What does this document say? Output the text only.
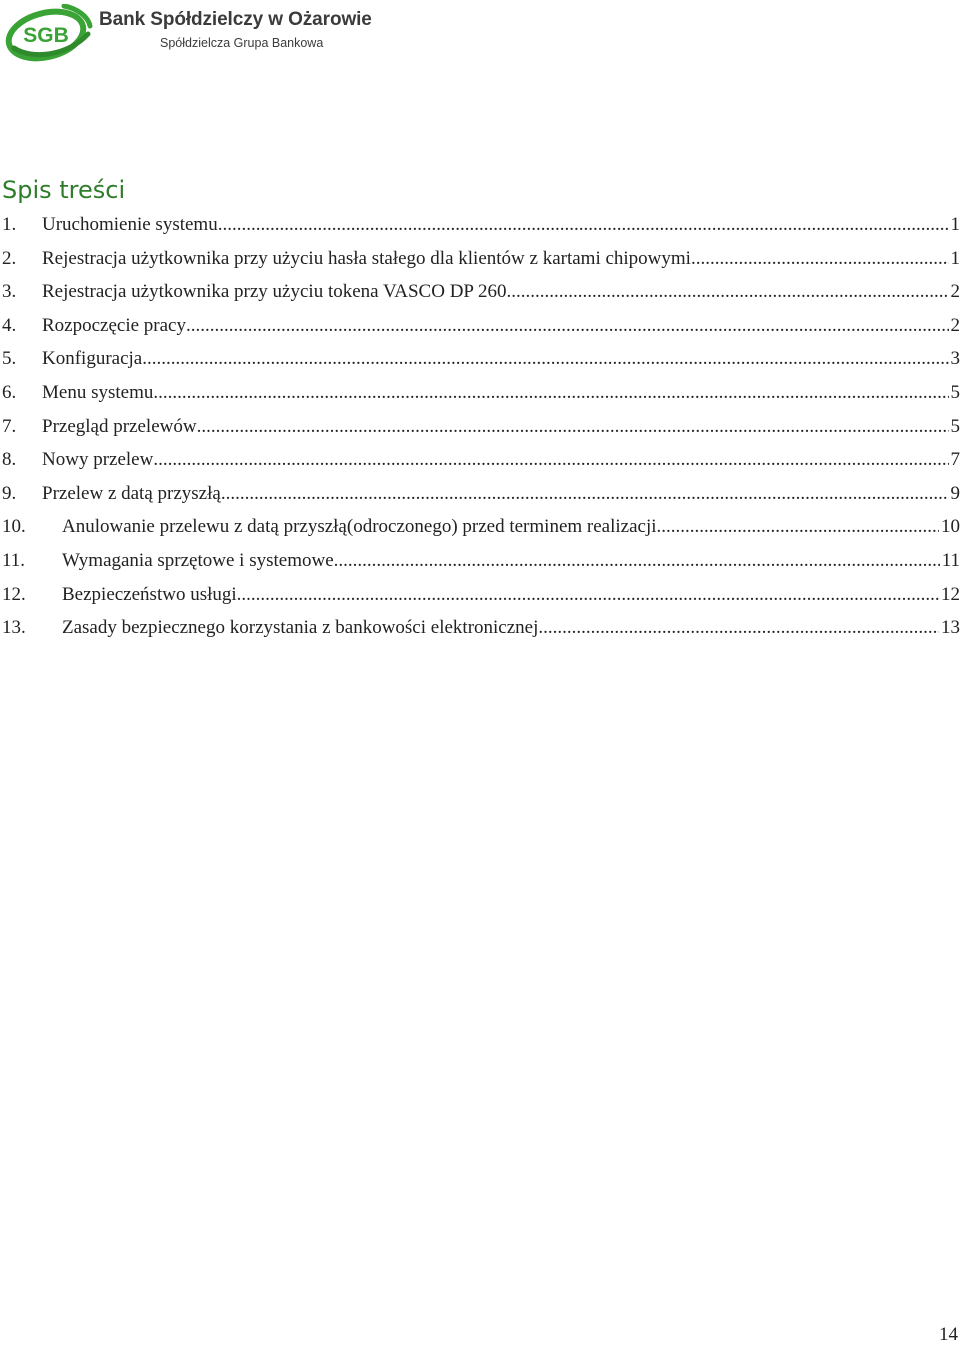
SGB
Bank Spółdzielczy w Ożarowie
Spółdzielcza Grupa Bankowa
Spis treści
1.	Uruchomienie systemu .....	1
2.	Rejestracja użytkownika przy użyciu hasła stałego dla klientów z kartami chipowymi .....	1
3.	Rejestracja użytkownika przy użyciu tokena VASCO DP 260 .....	2
4.	Rozpoczęcie pracy .....	2
5.	Konfiguracja .....	3
6.	Menu systemu .....	5
7.	Przegląd przelewów .....	5
8.	Nowy przelew .....	7
9.	Przelew z datą przyszłą .....	9
10.	Anulowanie przelewu z datą przyszłą(odroczonego) przed terminem realizacji .....	10
11.	Wymagania sprzętowe i systemowe .....	11
12.	Bezpieczeństwo usługi .....	12
13.	Zasady bezpiecznego korzystania z bankowości elektronicznej .....	13
14
